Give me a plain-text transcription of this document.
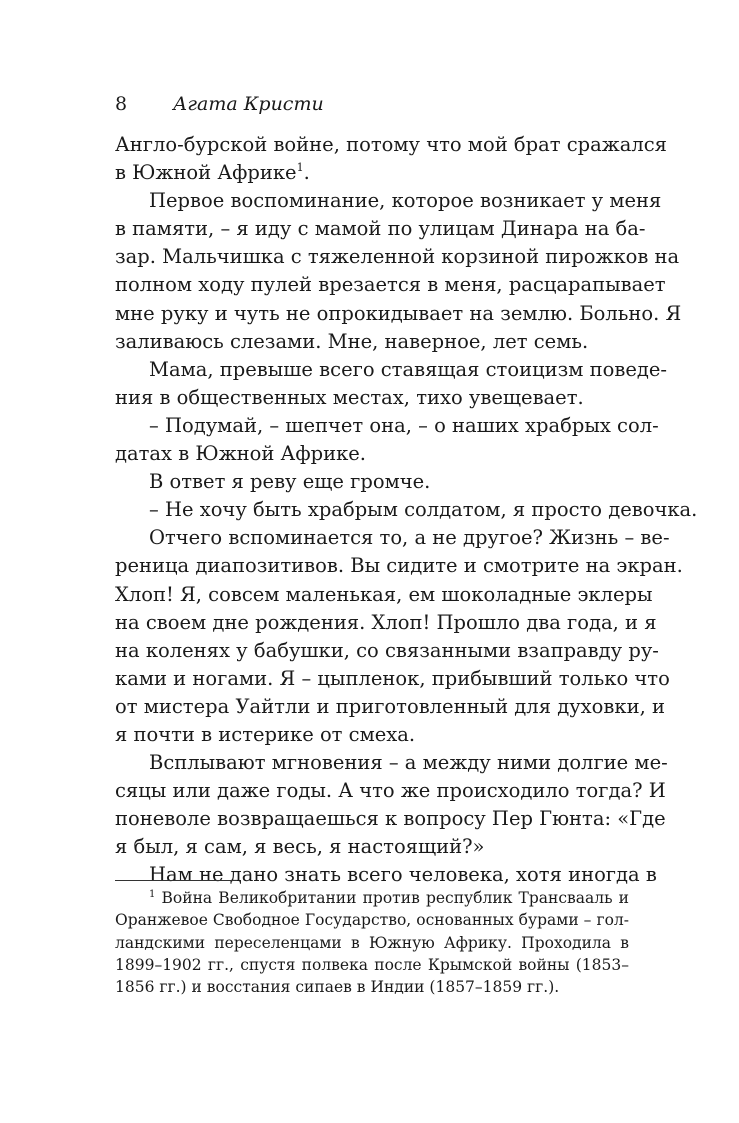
8 Агата Кристи
Англо-бурской войне, потому что мой брат сражался
в Южной Африке$^1$.
Первое воспоминание, которое возникает у меня
в памяти, – я иду с мамой по улицам Динара на ба-
зар. Мальчишка с тяжеленной корзиной пирожков на
полном ходу пулей врезается в меня, расцарапывает
мне руку и чуть не опрокидывает на землю. Больно. Я
заливаюсь слезами. Мне, наверное, лет семь.
Мама, превыше всего ставящая стоицизм поведе-
ния в общественных местах, тихо увещевает.
– Подумай, – шепчет она, – о наших храбрых сол-
датах в Южной Африке.
В ответ я реву еще громче.
– Не хочу быть храбрым солдатом, я просто девочка.
Отчего вспоминается то, а не другое? Жизнь – ве-
реница диапозитивов. Вы сидите и смотрите на экран.
Хлоп! Я, совсем маленькая, ем шоколадные эклеры
на своем дне рождения. Хлоп! Прошло два года, и я
на коленях у бабушки, со связанными взаправду ру-
ками и ногами. Я – цыпленок, прибывший только что
от мистера Уайтли и приготовленный для духовки, и
я почти в истерике от смеха.
Всплывают мгновения – а между ними долгие ме-
сяцы или даже годы. А что же происходило тогда? И
поневоле возвращаешься к вопросу Пер Гюнта: «Где
я был, я сам, я весь, я настоящий?»
Нам не дано знать всего человека, хотя иногда в
$^1$ Война Великобритании против республик Трансвааль и
Оранжевое Свободное Государство, основанных бурами – гол-
ландскими переселенцами в Южную Африку. Проходила в
1899–1902 гг., спустя полвека после Крымской войны (1853–
1856 гг.) и восстания сипаев в Индии (1857–1859 гг.).
